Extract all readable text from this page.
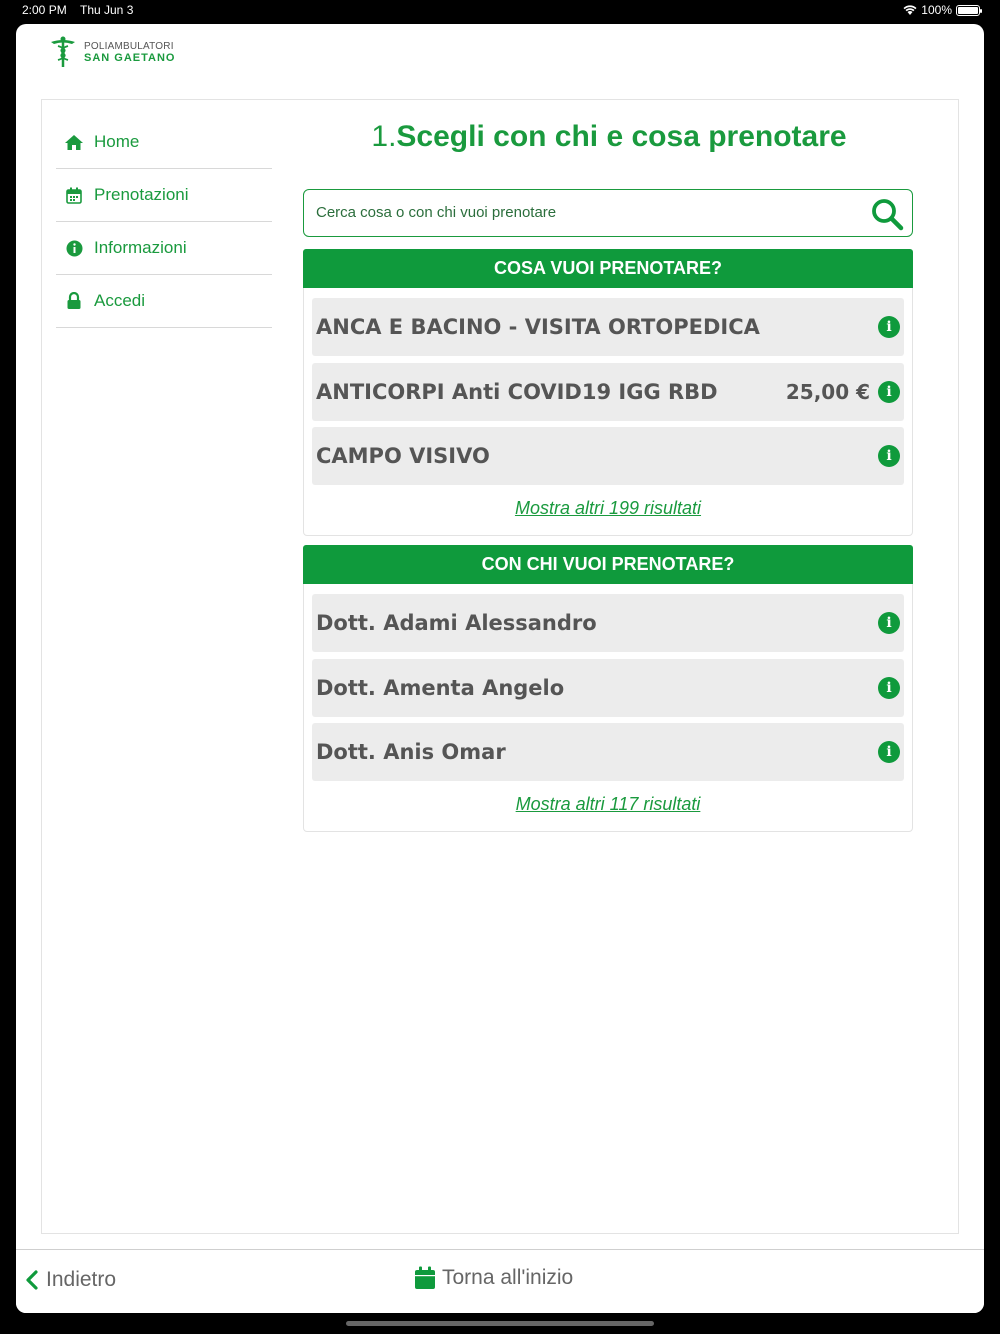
2:00 PM Thu Jun 3	100%
POLIAMBULATORI
SAN GAETANO
Home
Prenotazioni
Informazioni
Accedi
1.Scegli con chi e cosa prenotare
Cerca cosa o con chi vuoi prenotare
COSA VUOI PRENOTARE?
ANCA E BACINO - VISITA ORTOPEDICA	i
ANTICORPI Anti COVID19 IGG RBD	25,00 €	i
CAMPO VISIVO	i
Mostra altri 199 risultati
CON CHI VUOI PRENOTARE?
Dott. Adami Alessandro	i
Dott. Amenta Angelo	i
Dott. Anis Omar	i
Mostra altri 117 risultati
Indietro	Torna all'inizio
